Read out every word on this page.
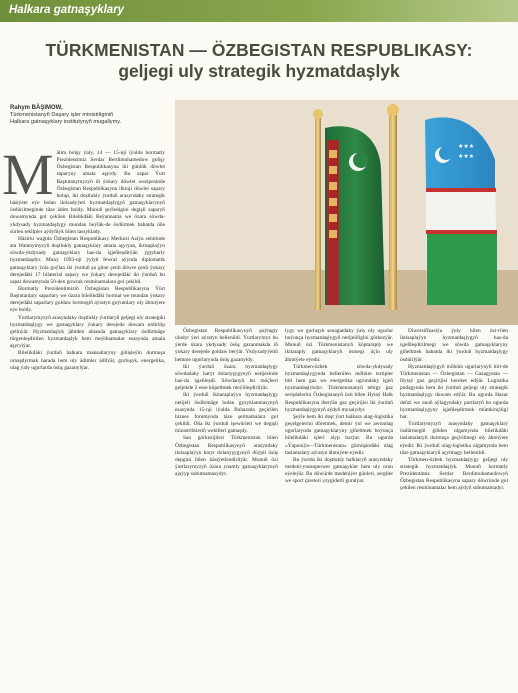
Halkara gatnaşyklary
TÜRKMENISTAN — ÖZBEGISTAN RESPUBLIKASY:
geljegi uly strategik hyzmatdaşlyk
Rahym BÄŞIMOW,
Türkmenistanyň Daşary işler ministrliginiň
Halkara gatnaşyklary institutynyň mugallymy.
★★★
★★★
M älim bolşy ýaly, 14 — 15-nji iýulda hormatly Prezidentimiz Serdar Berdimuhamedow goňşy Özbegistan Respublikasyna iki günlük döwlet saparyny amala aşyrdy. Bu sapar Ýurt Baştutanymyzyň iň ýokary döwlet wezipesinde Özbegistan Respublikasyna ilkinji döwlet sapary bolup, iki doştlukly ýurduň arasyndaky strategik häsiýete eýe bolan iktisadyýeti hyzmatdaşlygyň gatnaşyklarynyň ösdürilmeginde täze ädim boldy. Munuň şeýledigini degişli saparyň dowamynda gol çekilen Bilelikdäki Beýannama we özara söwda-ykdysady hyzmatdaşlygy mundan beýläk-de ösdürmek babatda öňe sürlen teklipler aýdyňlyk bilen tassyklady.

Häzirki wagtda Özbegistan Respublikasy Merkezi Aziýa sebitinde ata Watanymyzyň doştlukly gatnaşyklary amala aşyryan, iktisaplaýyn söwda-ykdysady gatnaşyklary has-da işjeňleşdirýän ýgtybarly hyzmatdaşdyr. Muny 1993-nji ýylyň fewral aýynda diplomatik gatnaşyklary ýola goýlan iki ýurduň şu güne çenli döwre çenli ýokary derejedäki 17 bilaterial sapary we ýokary derejedäki iki ýurduň bu sapar dowamynda 50-den gowrak resminamalara gol çekildi.

Hormatly Prezidentimiziň Özbegistan Respublikasyna Ýürt Baştutanlary saparlary we özara bilelikdäki hormat we mundan ýokary derejedäki saparlary goldaw bermegiň aýratyn goýumlary uly ähmiýete eýe boldy.

Ýurtlarymyzyň arasyndaky doştlukly ýurtlaryň geljegi uly strategiki hyzmatdaşlygy we gatnaşyklary ýokary derejede dowam etdirilip gelinýär. Hyzmatdaşlyk jähtden alnanda gatnaşyklary ösdürmäge türgenleşdirilen hyzmatdaşlyk hem meýilnamalar esasynda amala aşyrylýar.

Bilelikdäki ýurduň halkara maksatlaryny giňişleýin durmuşa ornaşdyrmak barada hem uly ädimler ädilýär, gurluşyk, energetika, ulag ýaly ugurlarda ösüş gazanylýar.

Özbegistan Respublikasynyň paýtagty uludyr ýeri aýratyn bellenildi. Ýurtlarymyz bu ýerde özara ykdysady ösüş gazanmakda iň ýokary derejede goldaw berýär. Ykdysadyýetiň hemme ugurlarynda ösüş gazanyldy.

Iki ýurduň özara hyzmatdaşlygy söwdadaky haryt dolanyşygynyň netijesinde has-da işjeňleşdi. Söwdanyň bu möçberi geljekde 2 esse köpeltmek meýilleşdirilýär.

Iki ýurduň ikitaraplaýyn hyzmatdaşlygy netijeli ösdürmäge bolan gyzyklanmasynyň esasynda 15-nji iýulda Buharada geçirilen biznes forumynda täze şertnamalara gol çekildi. Oňa iki ýurduň işewürleri we degişli ministrlikleriň wekilleri gatnaşdy.

San görkezijileri Türkmenistan bilen Özbegistan Respublikasynyň arasyndaky iktisaplaýyn haryt dolanyşygynyň düýpli ösüş depgini bilen häsiýetlendirilýär. Munuň özi ýurtlarymyzyň özara ynamly gatnaşyklarynyň ajaýyp subutnamasydyr.

lygy we gurluşyk senagatdaky ýaly uly ugurlar boýunça hyzmatdaşlygyň netijeliligini görkezýär. Munuň özi Türkmenistanyň köptaraply we ikitaraply gatnaşyklaryň ösmegi üçin uly ähmiýete eýedir.

Türkmen-özbek söwda-ykdysady hyzmatdaşlygynda bellenilen möhüm tertipler biri hem gaz we energetika ugrundaky işjeň hyzmatdaşlykdyr. Türkmenistanyň tebigy gaz serişdelerini Özbegistanyň üsti bilen Hytaý Halk Respublikasyna iberýän gaz geçirijisi iki ýurduň hyzmatdaşlygynyň aýdyň mysalydyr.

Şeýle hem iki doşt ýurt halkara ulag-logistika geçelgelerini döretmek, demir ýol we awtoulag ugurlarynda gatnaşyklaryny giňeltmek boýunça bilelikdäki işleri alyp barýar. Bu ugurda «Ýaponiýa—Türkmenistan» görnüşindäki ulag taslamalary aýratyn ähmiýete eýedir.

Bu ýurtda iki doştlukly halklaryň arasyndaky medeni-ynsanperwer gatnaşyklar hem uly orun eýeleýär. Bu döwürde medeniýet günleri, sergiler we sport çäreleri yzygiderli guralýar.

Diwersifikasiýa ýoly bilen özi-rilen iktisaplaýyn hyzmatdaşlygyň has-da işjeňleşdirilmegi we söwda gatnaşyklaryny giňeltmek babatda iki ýurduň hyzmatdaşlygy ösdürilýär.

Hyzmatdaşlygyň möhüm ugurlarynyň biri-de Türkmenistan — Özbegistan — Gazagystan — Hytaý gaz geçirijisi hereket edýär. Logistika pudagynda hem iki ýurduň geljegi uly strategik hyzmatdaşlygy dowam edýär. Bu ugurda Hazar deňzi we onuň aýlagyndaky portlaryň bu ugurda hyzmatdaşlygyny işjeňleşdirmek mümkinçiligi bar.

Ýurtlarymyzyň arasyndaky gatnaşyklary ösdürmegiň giňden ulgamynda bilelikdäki taslamalaryň durmuşa geçirilmegi uly ähmiýete eýedir. Iki ýurduň ulag-logistika ulgamynda hem täze gatnaşyklaryň açylmagy bellenildi.

Türkmen-özbek hyzmatdaşlygy geljegi uly strategik hyzmatdaşlyk. Munuň hormatly Prezidentimiz Serdar Berdimuhamedowyň Özbegistan Respublikasyna sapary döwründe gol çekilen resminamalar hem aýdyň subutnamadyr.
